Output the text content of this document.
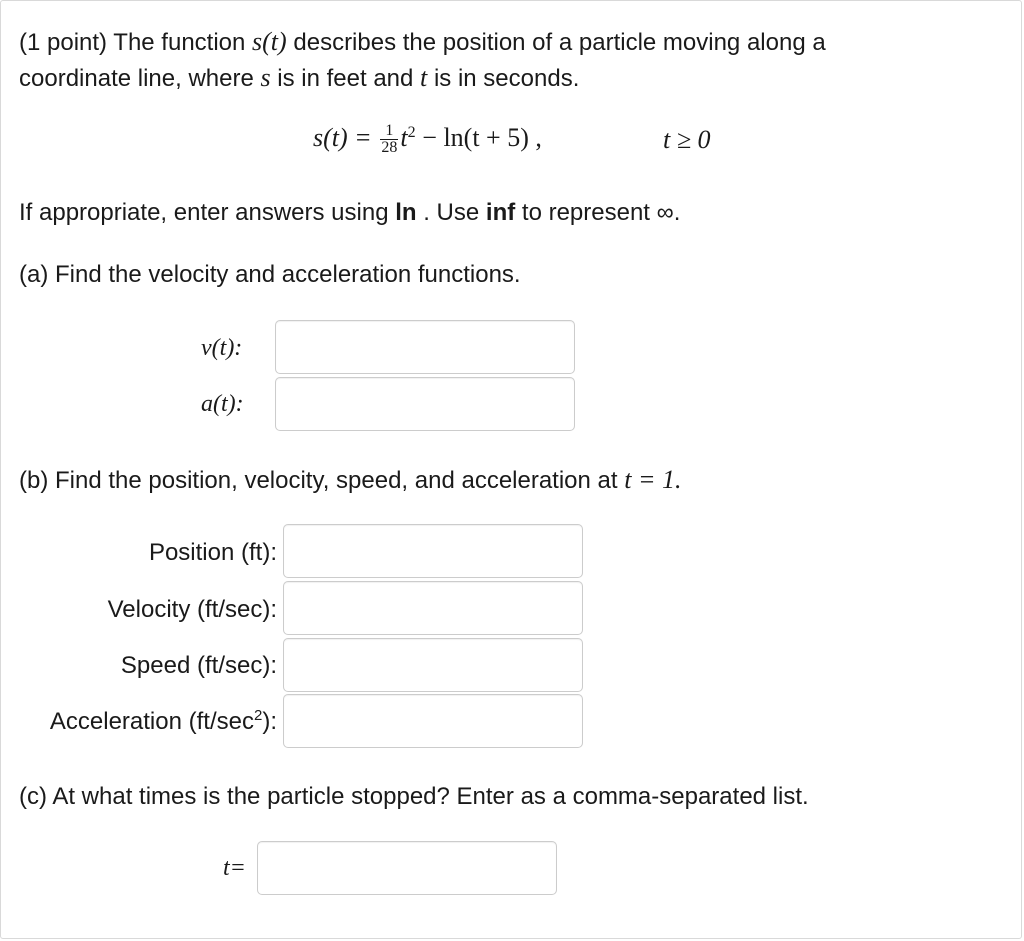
(1 point) The function s(t) describes the position of a particle moving along a
coordinate line, where s is in feet and t is in seconds.
$s(t) = \frac{1}{28} t^2 - \ln(t + 5)$ ,	t ≥ 0
If appropriate, enter answers using ln . Use inf to represent ∞.
(a) Find the velocity and acceleration functions.
v(t):
a(t):
(b) Find the position, velocity, speed, and acceleration at t = 1.
Position (ft):
Velocity (ft/sec):
Speed (ft/sec):
Acceleration $(ft/\sec^2)$:
(c) At what times is the particle stopped? Enter as a comma-separated list.
t=
